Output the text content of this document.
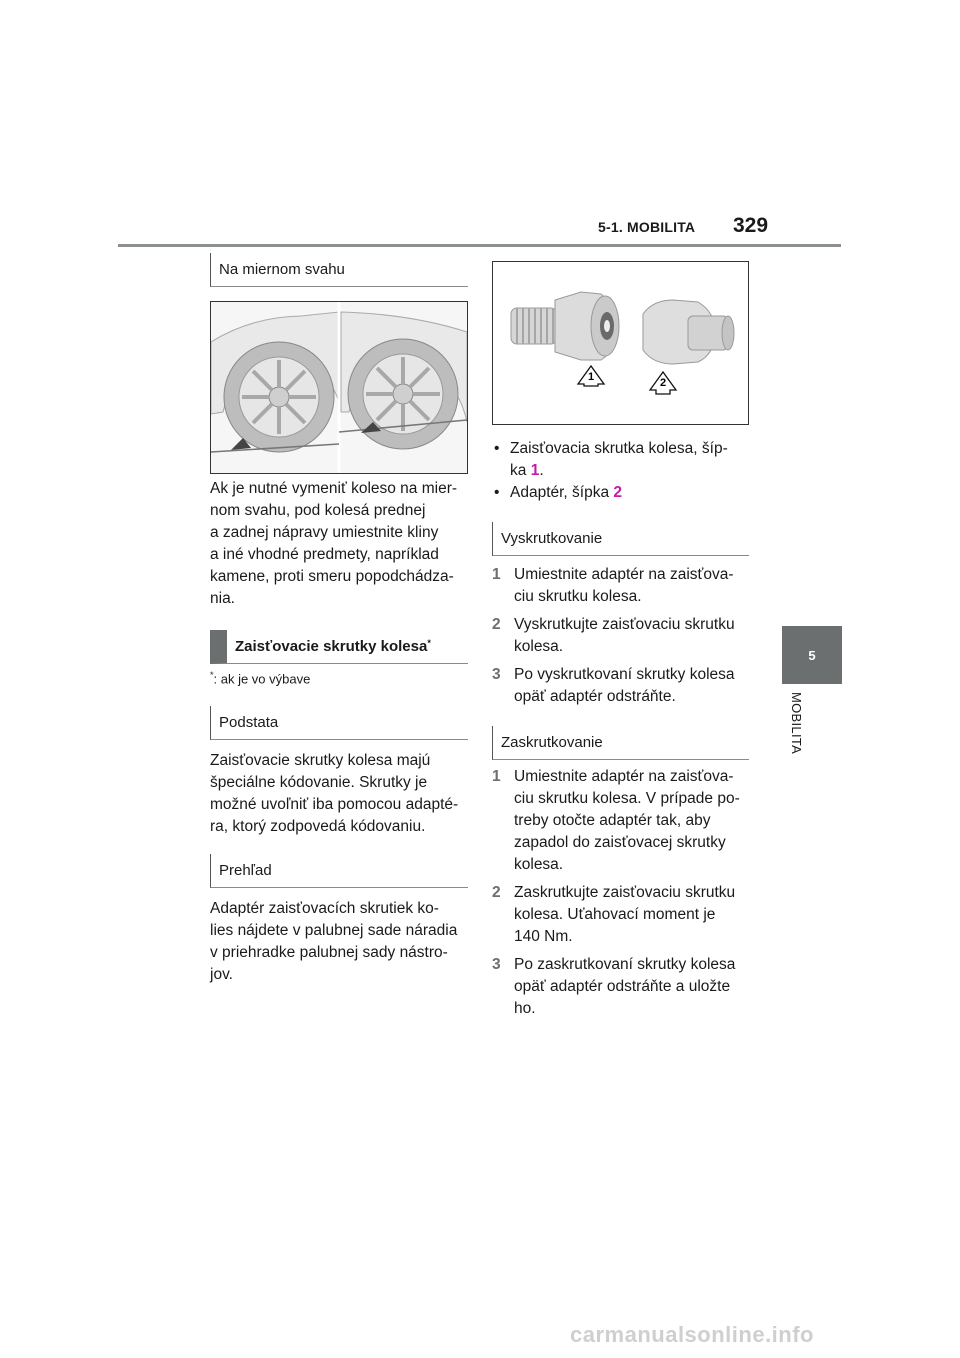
5-1. MOBILITA 329
5
MOBILITA
Na miernom svahu
Ak je nutné vymeniť koleso na mier-
nom svahu, pod kolesá prednej
a zadnej nápravy umiestnite kliny
a iné vhodné predmety, napríklad
kamene, proti smeru popodchádza-
nia.
Zaisťovacie skrutky kolesa*
*: ak je vo výbave
Podstata
Zaisťovacie skrutky kolesa majú
špeciálne kódovanie. Skrutky je
možné uvoľniť iba pomocou adapté-
ra, ktorý zodpovedá kódovaniu.
Prehľad
Adaptér zaisťovacích skrutiek ko-
lies nájdete v palubnej sade náradia
v priehradke palubnej sady nástro-
jov.
1	2
• Zaisťovacia skrutka kolesa, šíp-
ka 1.
• Adaptér, šípka 2
Vyskrutkovanie
1 Umiestnite adaptér na zaisťova-
ciu skrutku kolesa.
2 Vyskrutkujte zaisťovaciu skrutku
kolesa.
3 Po vyskrutkovaní skrutky kolesa
opäť adaptér odstráňte.
Zaskrutkovanie
1 Umiestnite adaptér na zaisťova-
ciu skrutku kolesa. V prípade po-
treby otočte adaptér tak, aby
zapadol do zaisťovacej skrutky
kolesa.
2 Zaskrutkujte zaisťovaciu skrutku
kolesa. Uťahovací moment je
140 Nm.
3 Po zaskrutkovaní skrutky kolesa
opäť adaptér odstráňte a uložte
ho.
carmanualsonline.info
